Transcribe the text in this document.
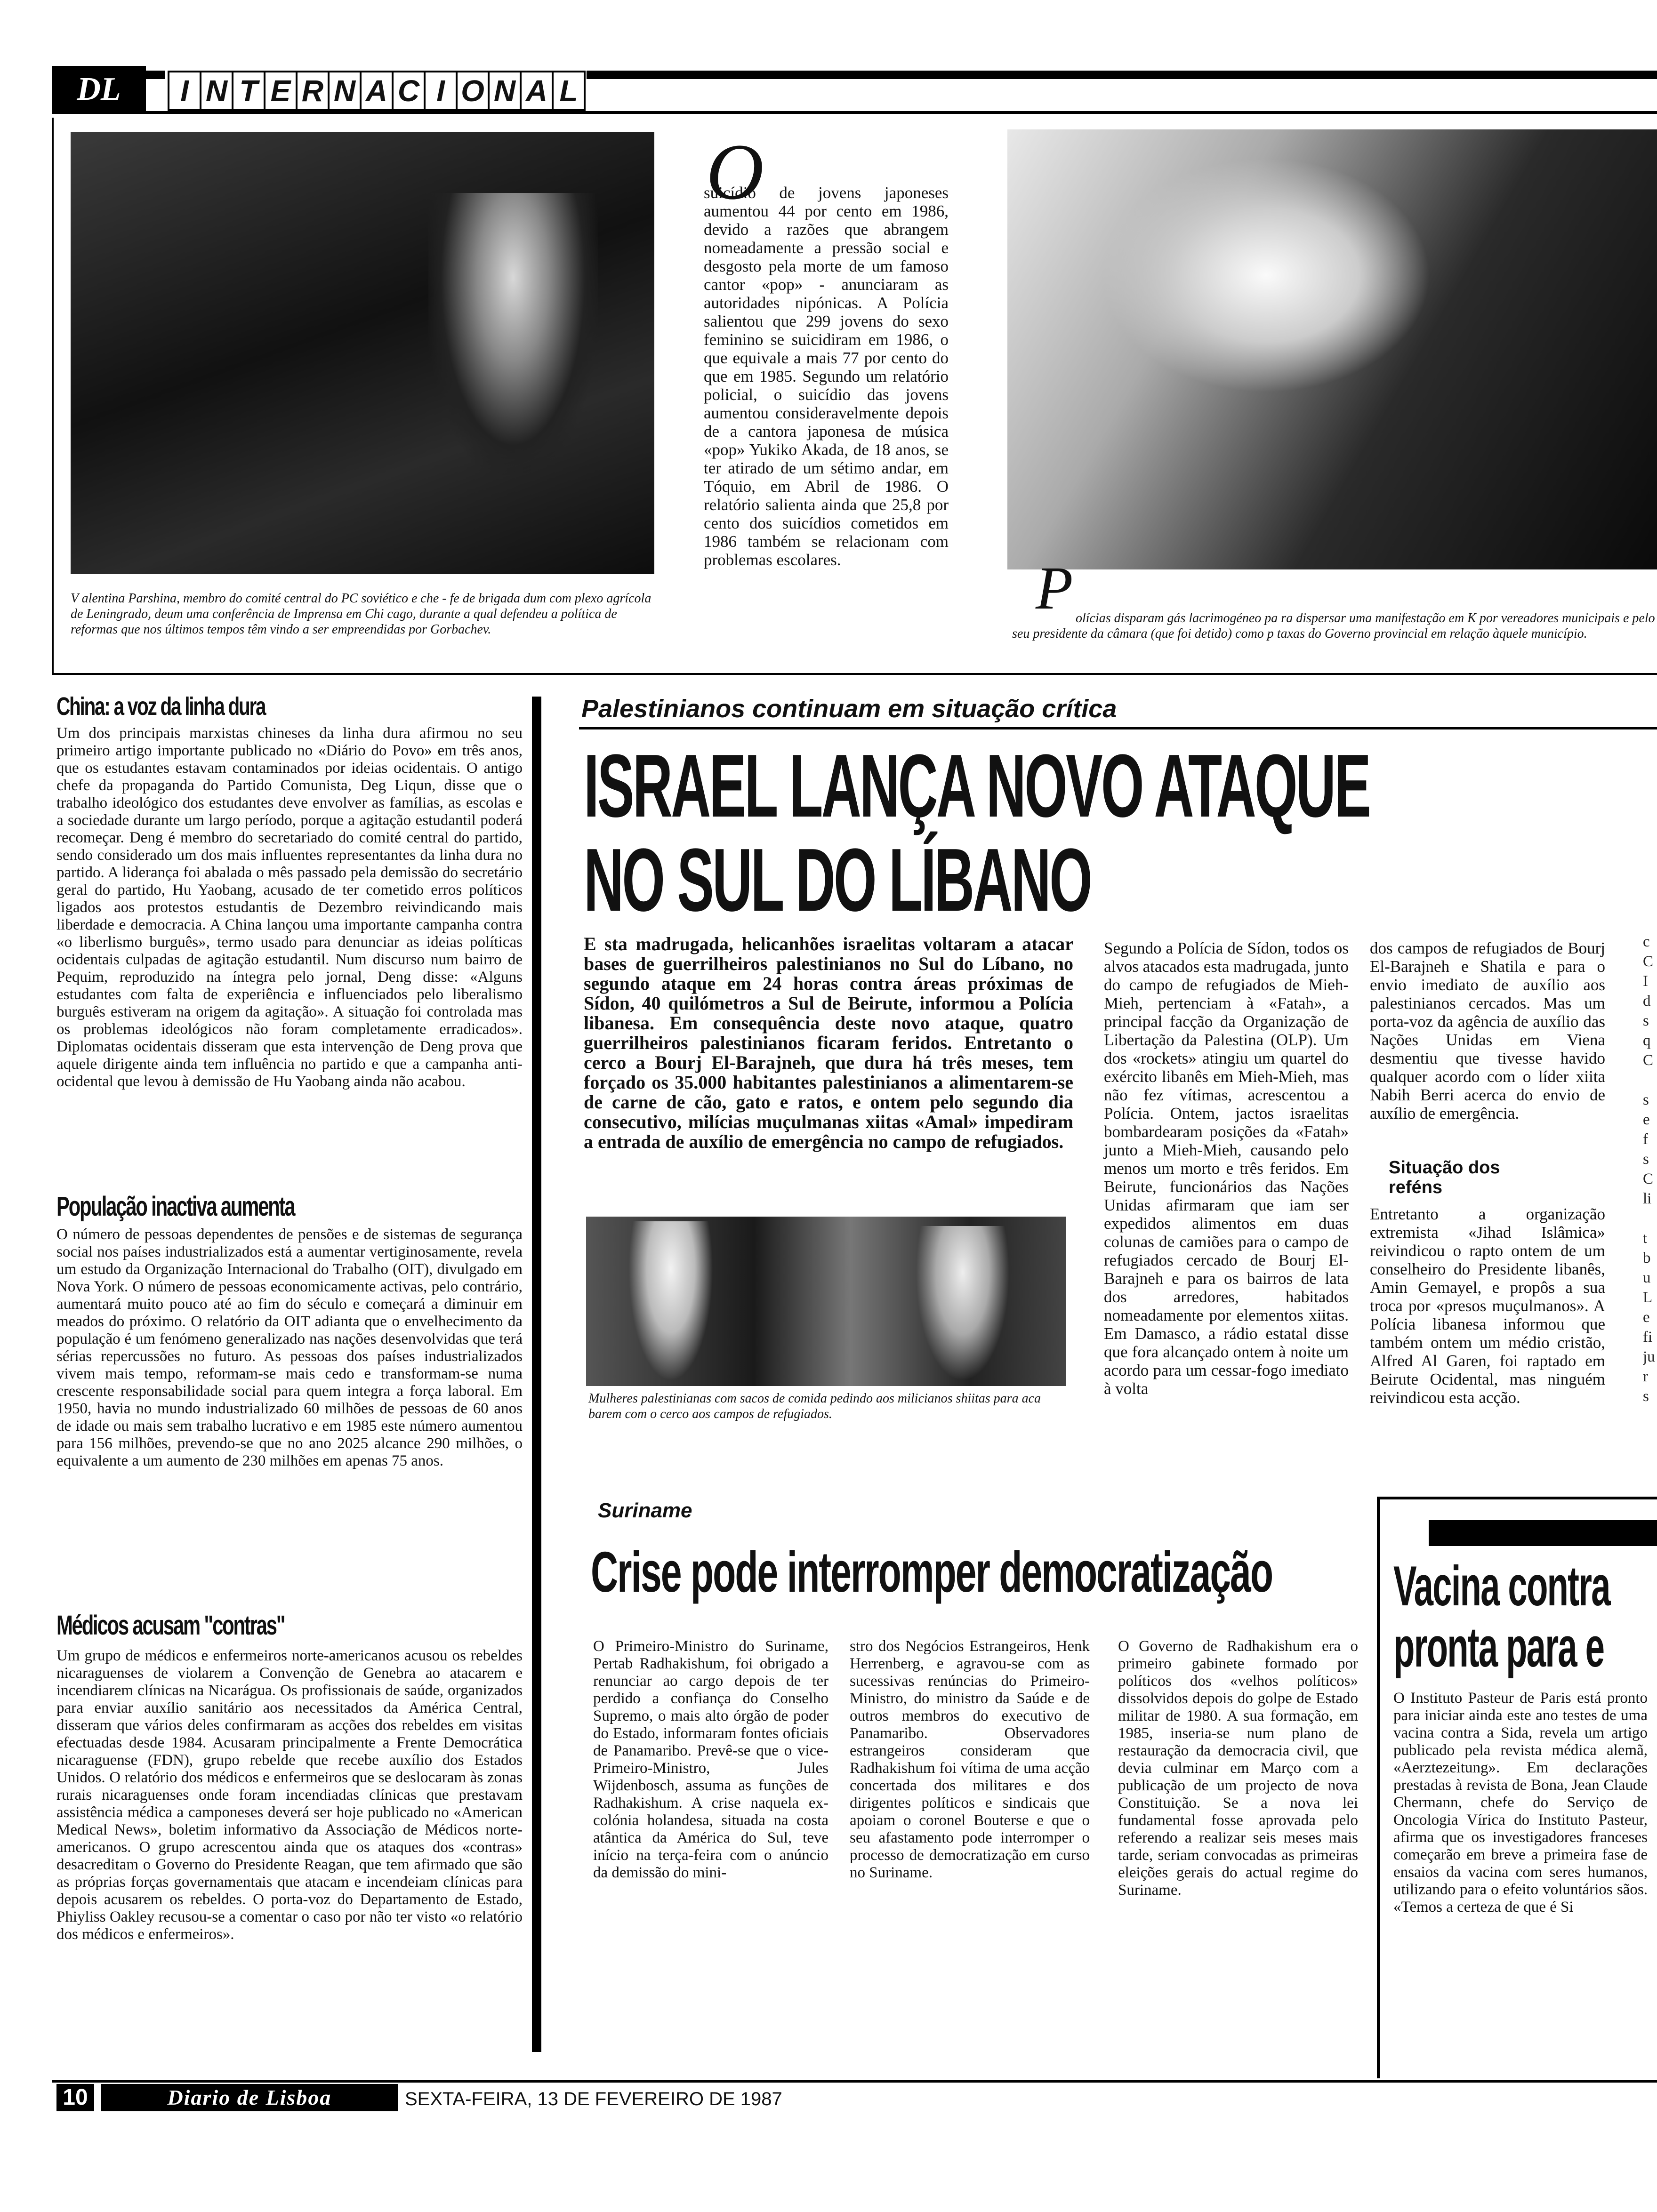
DL	I N T E R N A C I O N A L
V alentina Parshina, membro do comité central do PC soviético e che - fe de brigada dum com plexo agrícola de Leningrado, deum uma conferência de Imprensa em Chi cago, durante a qual defendeu a política de reformas que nos últimos tempos têm vindo a ser empreendidas por Gorbachev.
O
suicídio de jovens japoneses aumentou 44 por cento em 1986, devido a razões que abrangem nomeadamente a pressão social e desgosto pela morte de um famoso cantor «pop» - anunciaram as autoridades nipónicas. A Polícia salientou que 299 jovens do sexo feminino se suicidiram em 1986, o que equivale a mais 77 por cento do que em 1985. Segundo um relatório policial, o suicídio das jovens aumentou consideravelmente depois de a cantora japonesa de música «pop» Yukiko Akada, de 18 anos, se ter atirado de um sétimo andar, em Tóquio, em Abril de 1986. O relatório salienta ainda que 25,8 por cento dos suicídios cometidos em 1986 também se relacionam com problemas escolares.	P olícias disparam gás lacrimogéneo pa ra dispersar uma manifestação em K por vereadores municipais e pelo seu presidente da câmara (que foi detido) como p taxas do Governo provincial em relação àquele município.
China: a voz da linha dura
Um dos principais marxistas chineses da linha dura afirmou no seu primeiro artigo importante publicado no «Diário do Povo» em três anos, que os estudantes estavam contaminados por ideias ocidentais. O antigo chefe da propaganda do Partido Comunista, Deg Liqun, disse que o trabalho ideológico dos estudantes deve envolver as famílias, as escolas e a sociedade durante um largo período, porque a agitação estudantil poderá recomeçar. Deng é membro do secretariado do comité central do partido, sendo considerado um dos mais influentes representantes da linha dura no partido. A liderança foi abalada o mês passado pela demissão do secretário geral do partido, Hu Yaobang, acusado de ter cometido erros políticos ligados aos protestos estudantis de Dezembro reivindicando mais liberdade e democracia. A China lançou uma importante campanha contra «o liberlismo burguês», termo usado para denunciar as ideias políticas ocidentais culpadas de agitação estudantil. Num discurso num bairro de Pequim, reproduzido na íntegra pelo jornal, Deng disse: «Alguns estudantes com falta de experiência e influenciados pelo liberalismo burguês estiveram na origem da agitação». A situação foi controlada mas os problemas ideológicos não foram completamente erradicados». Diplomatas ocidentais disseram que esta intervenção de Deng prova que aquele dirigente ainda tem influência no partido e que a campanha anti-ocidental que levou à demissão de Hu Yaobang ainda não acabou.
População inactiva aumenta
O número de pessoas dependentes de pensões e de sistemas de segurança social nos países industrializados está a aumentar vertiginosamente, revela um estudo da Organização Internacional do Trabalho (OIT), divulgado em Nova York. O número de pessoas economicamente activas, pelo contrário, aumentará muito pouco até ao fim do século e começará a diminuir em meados do próximo. O relatório da OIT adianta que o envelhecimento da população é um fenómeno generalizado nas nações desenvolvidas que terá sérias repercussões no futuro. As pessoas dos países industrializados vivem mais tempo, reformam-se mais cedo e transformam-se numa crescente responsabilidade social para quem integra a força laboral. Em 1950, havia no mundo industrializado 60 milhões de pessoas de 60 anos de idade ou mais sem trabalho lucrativo e em 1985 este número aumentou para 156 milhões, prevendo-se que no ano 2025 alcance 290 milhões, o equivalente a um aumento de 230 milhões em apenas 75 anos.
Médicos acusam "contras"
Um grupo de médicos e enfermeiros norte-americanos acusou os rebeldes nicaraguenses de violarem a Convenção de Genebra ao atacarem e incendiarem clínicas na Nicarágua. Os profissionais de saúde, organizados para enviar auxílio sanitário aos necessitados da América Central, disseram que vários deles confirmaram as acções dos rebeldes em visitas efectuadas desde 1984. Acusaram principalmente a Frente Democrática nicaraguense (FDN), grupo rebelde que recebe auxílio dos Estados Unidos. O relatório dos médicos e enfermeiros que se deslocaram às zonas rurais nicaraguenses onde foram incendiadas clínicas que prestavam assistência médica a camponeses deverá ser hoje publicado no «American Medical News», boletim informativo da Associação de Médicos norte-americanos. O grupo acrescentou ainda que os ataques dos «contras» desacreditam o Governo do Presidente Reagan, que tem afirmado que são as próprias forças governamentais que atacam e incendeiam clínicas para depois acusarem os rebeldes. O porta-voz do Departamento de Estado, Phiyliss Oakley recusou-se a comentar o caso por não ter visto «o relatório dos médicos e enfermeiros».
Palestinianos continuam em situação crítica
ISRAEL LANÇA NOVO ATAQUE
NO SUL DO LÍBANO
E sta madrugada, helicanhões israelitas voltaram a atacar bases de guerrilheiros palestinianos no Sul do Líbano, no segundo ataque em 24 horas contra áreas próximas de Sídon, 40 quilómetros a Sul de Beirute, informou a Polícia libanesa. Em consequência deste novo ataque, quatro guerrilheiros palestinianos ficaram feridos. Entretanto o cerco a Bourj El-Barajneh, que dura há três meses, tem forçado os 35.000 habitantes palestinianos a alimentarem-se de carne de cão, gato e ratos, e ontem pelo segundo dia consecutivo, milícias muçulmanas xiitas «Amal» impediram a entrada de auxílio de emergência no campo de refugiados.
Mulheres palestinianas com sacos de comida pedindo aos milicianos shiitas para aca barem com o cerco aos campos de refugiados.
Segundo a Polícia de Sídon, todos os alvos atacados esta madrugada, junto do campo de refugiados de Mieh-Mieh, pertenciam à «Fatah», a principal facção da Organização de Libertação da Palestina (OLP). Um dos «rockets» atingiu um quartel do exército libanês em Mieh-Mieh, mas não fez vítimas, acrescentou a Polícia. Ontem, jactos israelitas bombardearam posições da «Fatah» junto a Mieh-Mieh, causando pelo menos um morto e três feridos. Em Beirute, funcionários das Nações Unidas afirmaram que iam ser expedidos alimentos em duas colunas de camiões para o campo de refugiados cercado de Bourj El-Barajneh e para os bairros de lata dos arredores, habitados nomeadamente por elementos xiitas. Em Damasco, a rádio estatal disse que fora alcançado ontem à noite um acordo para um cessar-fogo imediato à volta
dos campos de refugiados de Bourj El-Barajneh e Shatila e para o envio imediato de auxílio aos palestinianos cercados. Mas um porta-voz da agência de auxílio das Nações Unidas em Viena desmentiu que tivesse havido qualquer acordo com o líder xiita Nabih Berri acerca do envio de auxílio de emergência.
Situação dos reféns
Entretanto a organização extremista «Jihad Islâmica» reivindicou o rapto ontem de um conselheiro do Presidente libanês, Amin Gemayel, e propôs a sua troca por «presos muçulmanos». A Polícia libanesa informou que também ontem um médio cristão, Alfred Al Garen, foi raptado em Beirute Ocidental, mas ninguém reivindicou esta acção.
c
C
I
d
s
q
C

s
e
f
s
C
li

t
b
u
L
e
fi
ju
r
s
Suriname
Crise pode interromper democratização
O Primeiro-Ministro do Suriname, Pertab Radhakishum, foi obrigado a renunciar ao cargo depois de ter perdido a confiança do Conselho Supremo, o mais alto órgão de poder do Estado, informaram fontes oficiais de Panamaribo. Prevê-se que o vice-Primeiro-Ministro, Jules Wijdenbosch, assuma as funções de Radhakishum. A crise naquela ex-colónia holandesa, situada na costa atântica da América do Sul, teve início na terça-feira com o anúncio da demissão do mini-
stro dos Negócios Estrangeiros, Henk Herrenberg, e agravou-se com as sucessivas renúncias do Primeiro-Ministro, do ministro da Saúde e de outros membros do executivo de Panamaribo. Observadores estrangeiros consideram que Radhakishum foi vítima de uma acção concertada dos militares e dos dirigentes políticos e sindicais que apoiam o coronel Bouterse e que o seu afastamento pode interromper o processo de democratização em curso no Suriname.
O Governo de Radhakishum era o primeiro gabinete formado por políticos dos «velhos políticos» dissolvidos depois do golpe de Estado militar de 1980. A sua formação, em 1985, inseria-se num plano de restauração da democracia civil, que devia culminar em Março com a publicação de um projecto de nova Constituição. Se a nova lei fundamental fosse aprovada pelo referendo a realizar seis meses mais tarde, seriam convocadas as primeiras eleições gerais do actual regime do Suriname.
Vacina contra
pronta para e
O Instituto Pasteur de Paris está pronto para iniciar ainda este ano testes de uma vacina contra a Sida, revela um artigo publicado pela revista médica alemã, «Aerztezeitung». Em declarações prestadas à revista de Bona, Jean Claude Chermann, chefe do Serviço de Oncologia Vírica do Instituto Pasteur, afirma que os investigadores franceses começarão em breve a primeira fase de ensaios da vacina com seres humanos, utilizando para o efeito voluntários sãos. «Temos a certeza de que é Si
10	Diario de Lisboa	SEXTA-FEIRA, 13 DE FEVEREIRO DE 1987
